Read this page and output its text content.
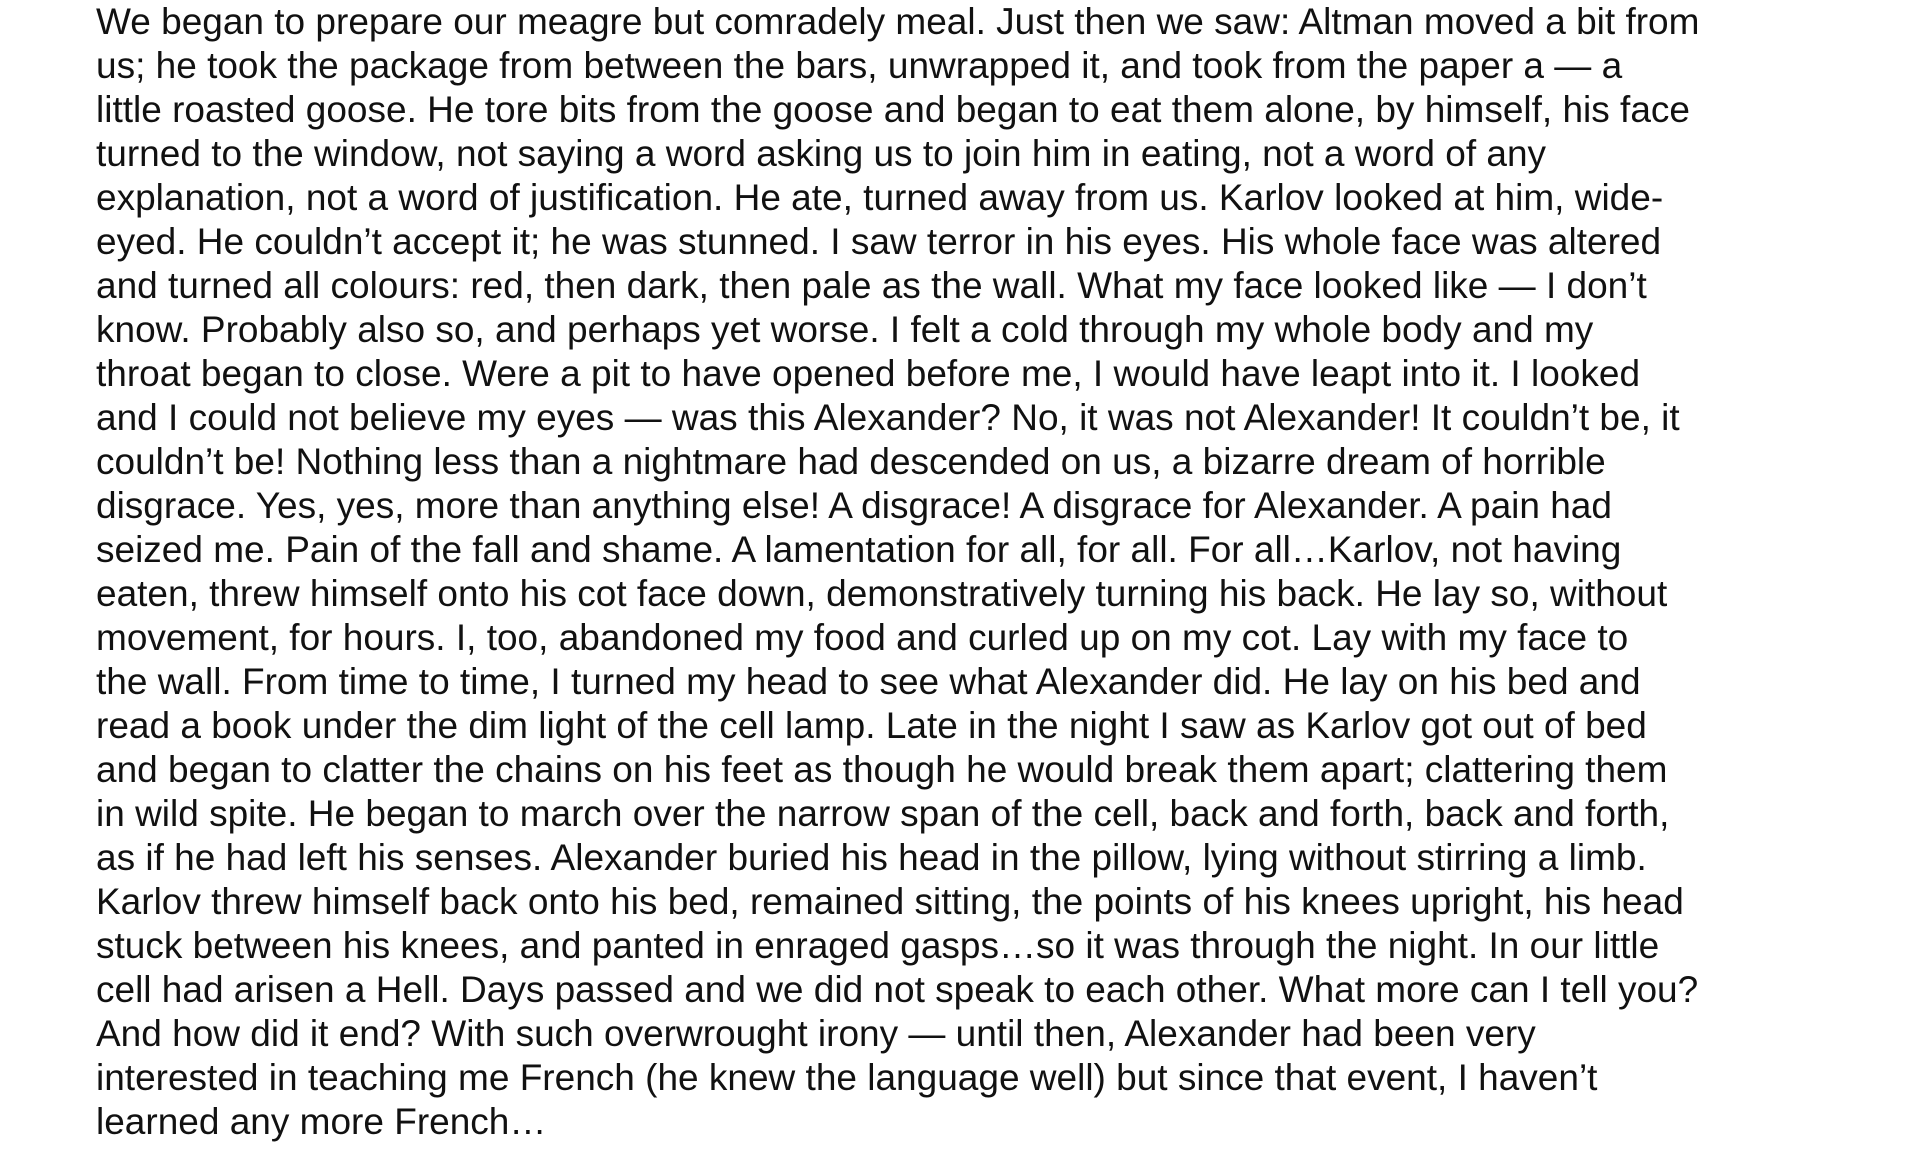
We began to prepare our meagre but comradely meal. Just then we saw: Altman moved a bit from
us; he took the package from between the bars, unwrapped it, and took from the paper a — a
little roasted goose. He tore bits from the goose and began to eat them alone, by himself, his face
turned to the window, not saying a word asking us to join him in eating, not a word of any
explanation, not a word of justification. He ate, turned away from us. Karlov looked at him, wide-
eyed. He couldn’t accept it; he was stunned. I saw terror in his eyes. His whole face was altered
and turned all colours: red, then dark, then pale as the wall. What my face looked like — I don’t
know. Probably also so, and perhaps yet worse. I felt a cold through my whole body and my
throat began to close. Were a pit to have opened before me, I would have leapt into it. I looked
and I could not believe my eyes — was this Alexander? No, it was not Alexander! It couldn’t be, it
couldn’t be! Nothing less than a nightmare had descended on us, a bizarre dream of horrible
disgrace. Yes, yes, more than anything else! A disgrace! A disgrace for Alexander. A pain had
seized me. Pain of the fall and shame. A lamentation for all, for all. For all…Karlov, not having
eaten, threw himself onto his cot face down, demonstratively turning his back. He lay so, without
movement, for hours. I, too, abandoned my food and curled up on my cot. Lay with my face to
the wall. From time to time, I turned my head to see what Alexander did. He lay on his bed and
read a book under the dim light of the cell lamp. Late in the night I saw as Karlov got out of bed
and began to clatter the chains on his feet as though he would break them apart; clattering them
in wild spite. He began to march over the narrow span of the cell, back and forth, back and forth,
as if he had left his senses. Alexander buried his head in the pillow, lying without stirring a limb.
Karlov threw himself back onto his bed, remained sitting, the points of his knees upright, his head
stuck between his knees, and panted in enraged gasps…so it was through the night. In our little
cell had arisen a Hell. Days passed and we did not speak to each other. What more can I tell you?
And how did it end? With such overwrought irony — until then, Alexander had been very
interested in teaching me French (he knew the language well) but since that event, I haven’t
learned any more French…
